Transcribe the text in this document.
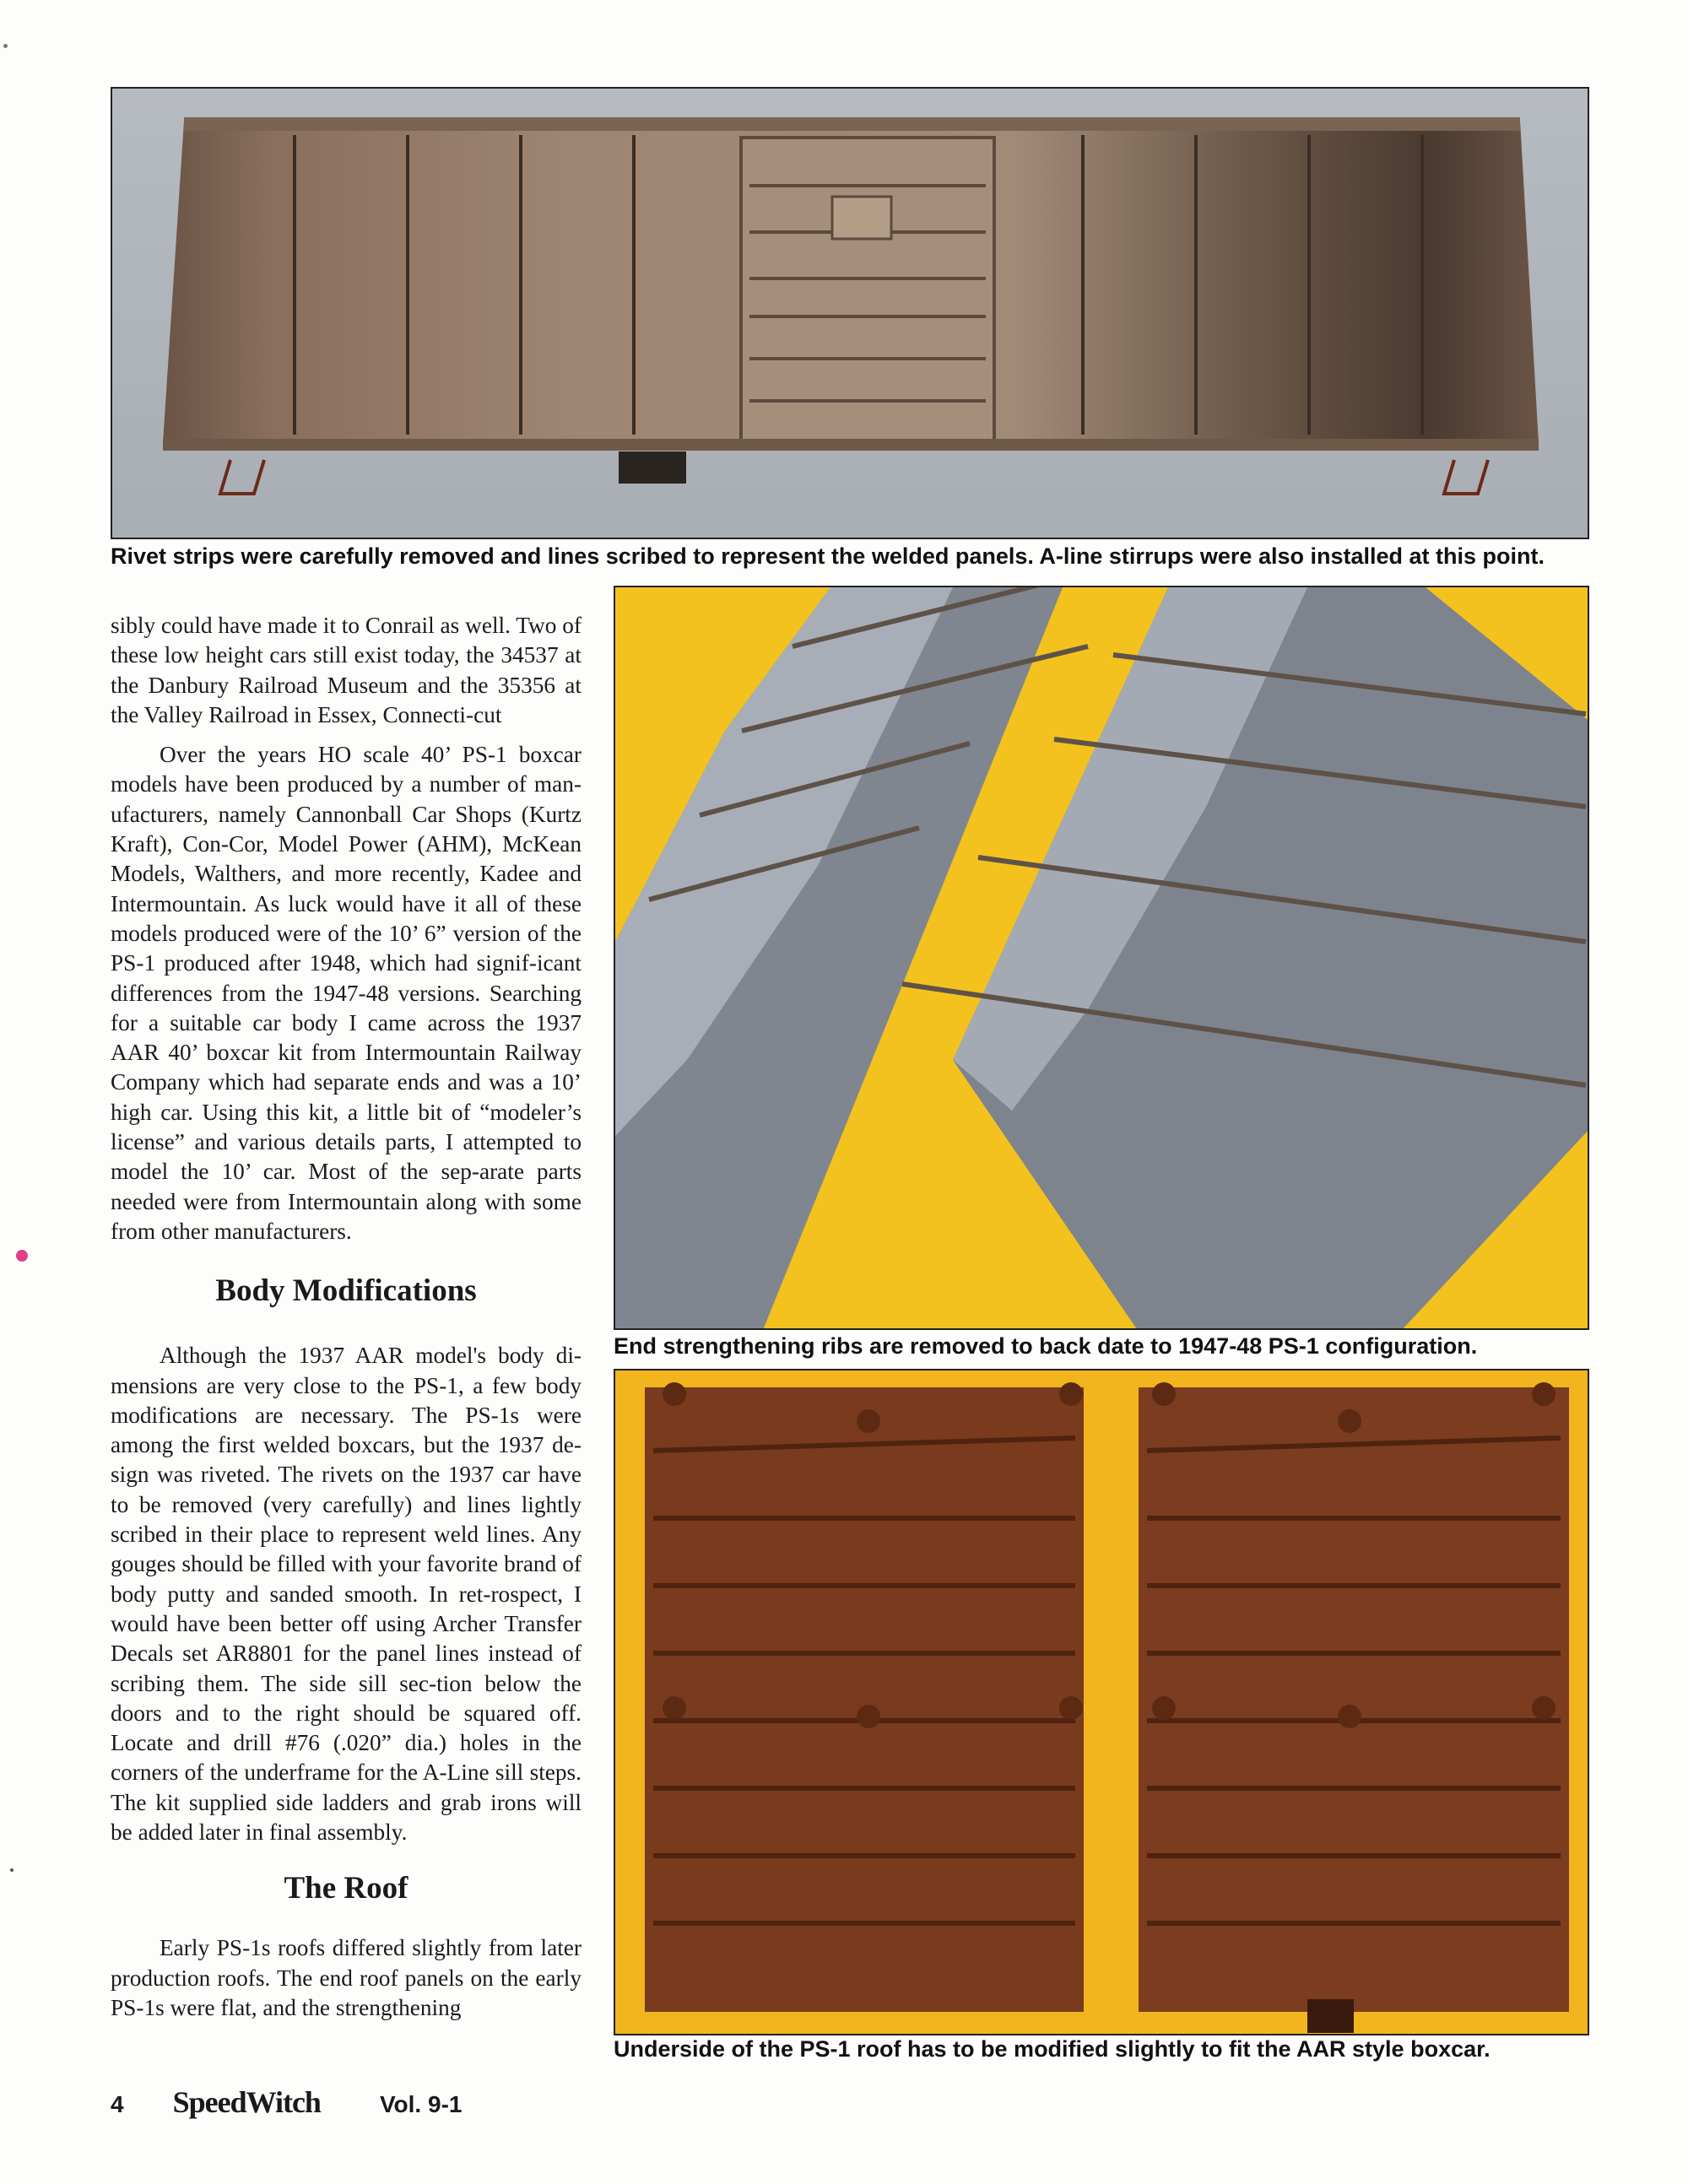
Rivet strips were carefully removed and lines scribed to represent the welded panels. A-line stirrups were also installed at this point.

End strengthening ribs are removed to back date to 1947-48 PS-1 configuration.

Underside of the PS-1 roof has to be modified slightly to fit the AAR style boxcar.

sibly could have made it to Conrail as well. Two of these low height cars still exist today, the 34537 at the Danbury Railroad Museum and the 35356 at the Valley Railroad in Essex, Connecti-cut

Over the years HO scale 40’ PS-1 boxcar models have been produced by a number of man-ufacturers, namely Cannonball Car Shops (Kurtz Kraft), Con-Cor, Model Power (AHM), McKean Models, Walthers, and more recently, Kadee and Intermountain. As luck would have it all of these models produced were of the 10’ 6” version of the PS-1 produced after 1948, which had signif-icant differences from the 1947-48 versions. Searching for a suitable car body I came across the 1937 AAR 40’ boxcar kit from Intermountain Railway Company which had separate ends and was a 10’ high car. Using this kit, a little bit of “modeler’s license” and various details parts, I attempted to model the 10’ car. Most of the sep-arate parts needed were from Intermountain along with some from other manufacturers.

Body Modifications

Although the 1937 AAR model's body di-mensions are very close to the PS-1, a few body modifications are necessary. The PS-1s were among the first welded boxcars, but the 1937 de-sign was riveted. The rivets on the 1937 car have to be removed (very carefully) and lines lightly scribed in their place to represent weld lines. Any gouges should be filled with your favorite brand of body putty and sanded smooth. In ret-rospect, I would have been better off using Archer Transfer Decals set AR8801 for the panel lines instead of scribing them. The side sill sec-tion below the doors and to the right should be squared off. Locate and drill #76 (.020” dia.) holes in the corners of the underframe for the A-Line sill steps. The kit supplied side ladders and grab irons will be added later in final assembly.

The Roof

Early PS-1s roofs differed slightly from later production roofs. The end roof panels on the early PS-1s were flat, and the strengthening

4 SpeedWitch	Vol. 9-1
